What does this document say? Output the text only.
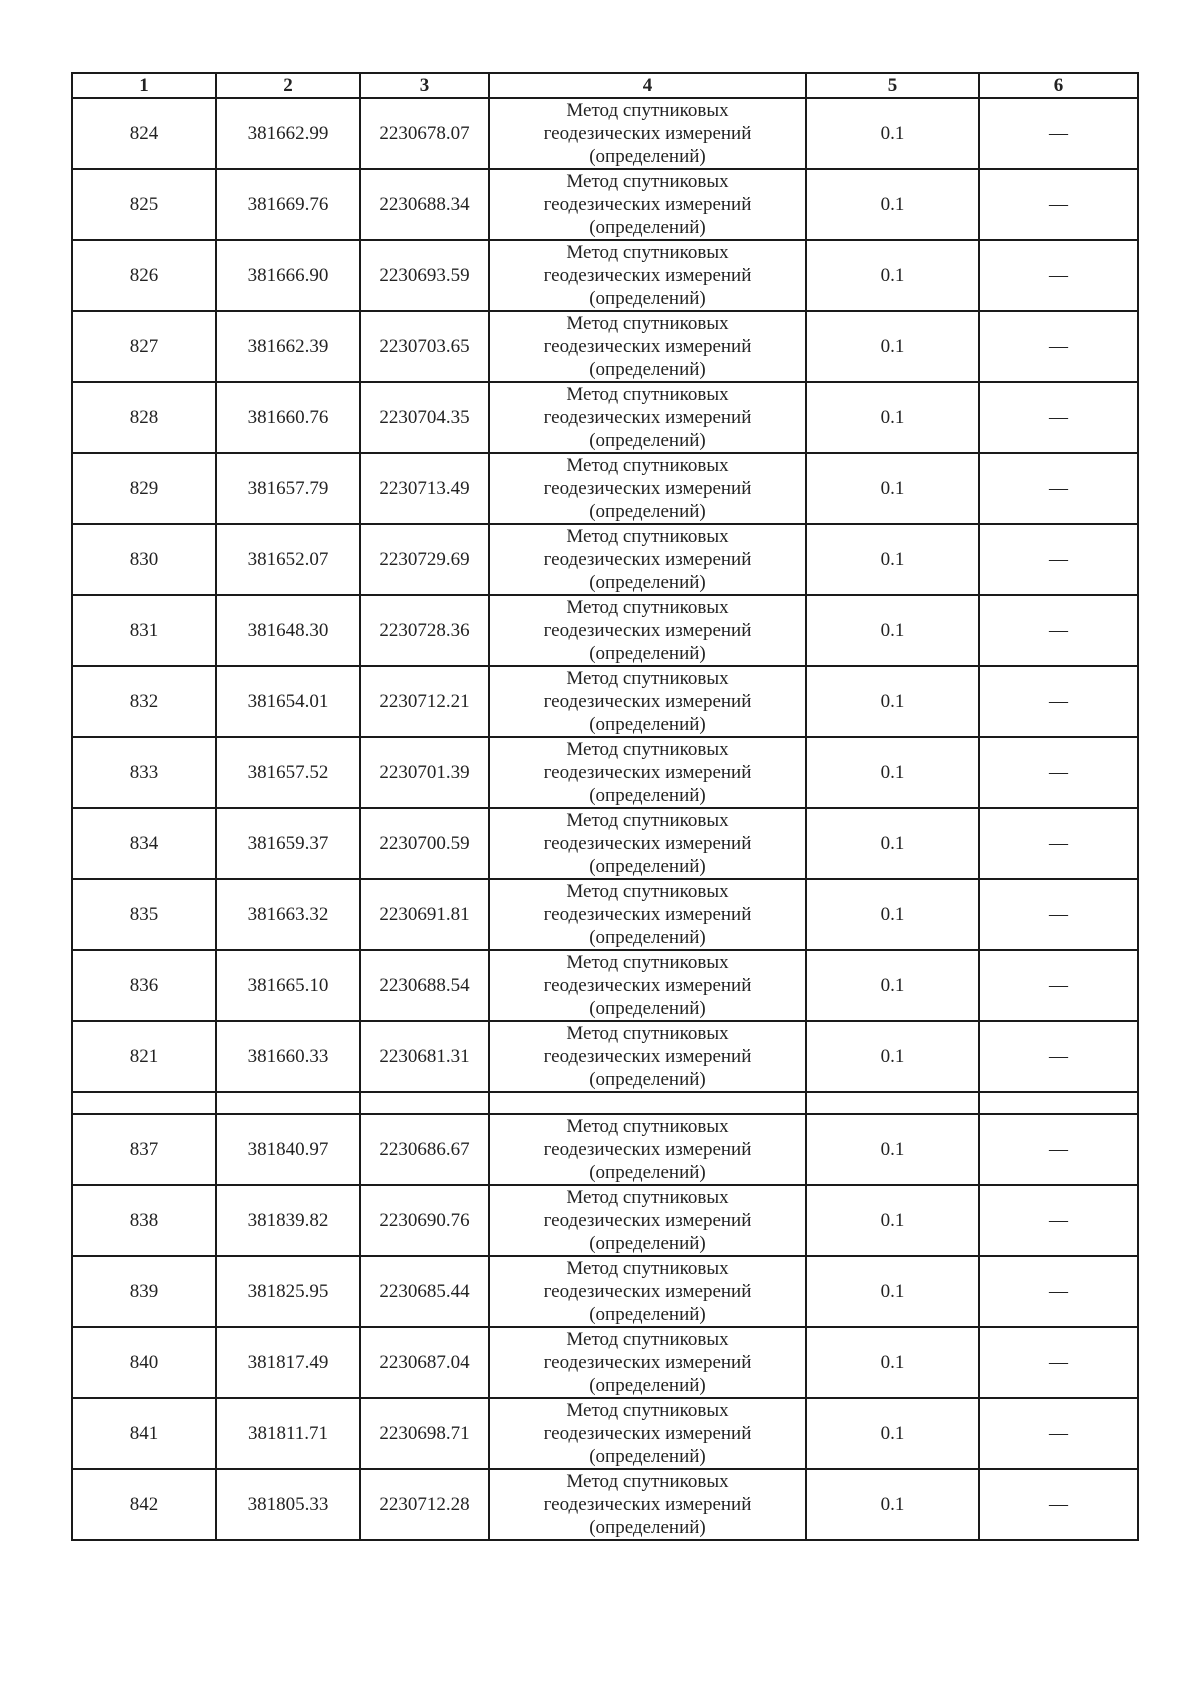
1	2	3	4	5	6
824	381662.99	2230678.07	Метод спутниковых
геодезических измерений
(определений)	0.1	—
825	381669.76	2230688.34	Метод спутниковых
геодезических измерений
(определений)	0.1	—
826	381666.90	2230693.59	Метод спутниковых
геодезических измерений
(определений)	0.1	—
827	381662.39	2230703.65	Метод спутниковых
геодезических измерений
(определений)	0.1	—
828	381660.76	2230704.35	Метод спутниковых
геодезических измерений
(определений)	0.1	—
829	381657.79	2230713.49	Метод спутниковых
геодезических измерений
(определений)	0.1	—
830	381652.07	2230729.69	Метод спутниковых
геодезических измерений
(определений)	0.1	—
831	381648.30	2230728.36	Метод спутниковых
геодезических измерений
(определений)	0.1	—
832	381654.01	2230712.21	Метод спутниковых
геодезических измерений
(определений)	0.1	—
833	381657.52	2230701.39	Метод спутниковых
геодезических измерений
(определений)	0.1	—
834	381659.37	2230700.59	Метод спутниковых
геодезических измерений
(определений)	0.1	—
835	381663.32	2230691.81	Метод спутниковых
геодезических измерений
(определений)	0.1	—
836	381665.10	2230688.54	Метод спутниковых
геодезических измерений
(определений)	0.1	—
821	381660.33	2230681.31	Метод спутниковых
геодезических измерений
(определений)	0.1	—

837	381840.97	2230686.67	Метод спутниковых
геодезических измерений
(определений)	0.1	—
838	381839.82	2230690.76	Метод спутниковых
геодезических измерений
(определений)	0.1	—
839	381825.95	2230685.44	Метод спутниковых
геодезических измерений
(определений)	0.1	—
840	381817.49	2230687.04	Метод спутниковых
геодезических измерений
(определений)	0.1	—
841	381811.71	2230698.71	Метод спутниковых
геодезических измерений
(определений)	0.1	—
842	381805.33	2230712.28	Метод спутниковых
геодезических измерений
(определений)	0.1	—
